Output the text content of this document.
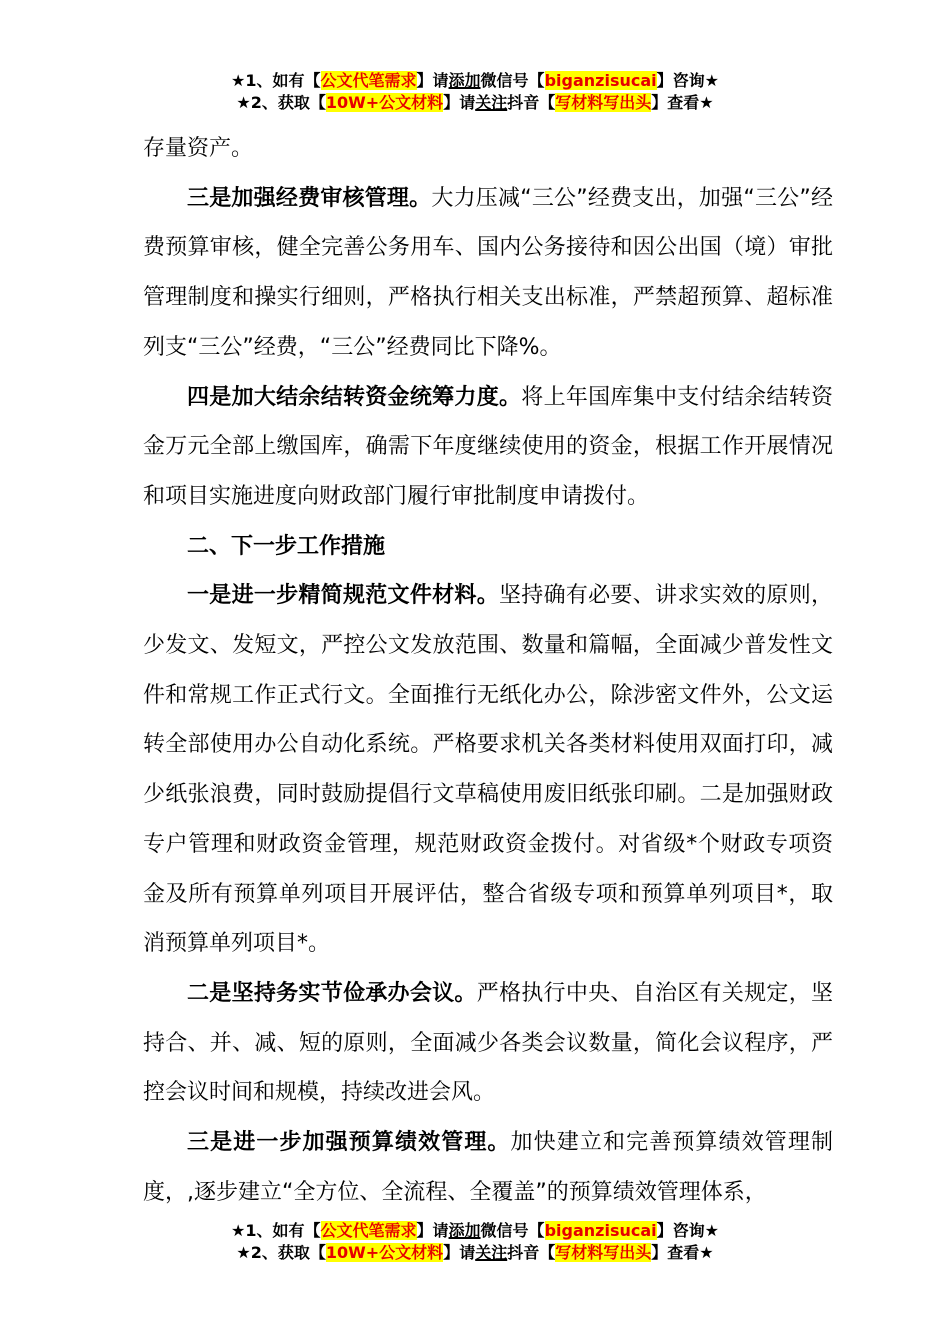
★1、如有【公文代笔需求】请添加微信号【biganzisucai】咨询★
★2、获取【10W+公文材料】请关注抖音【写材料写出头】查看★

存量资产。

三是加强经费审核管理。大力压减“三公”经费支出，加强“三公”经费预算审核，健全完善公务用车、国内公务接待和因公出国（境）审批管理制度和操实行细则，严格执行相关支出标准，严禁超预算、超标准列支“三公”经费，“三公”经费同比下降%。

四是加大结余结转资金统筹力度。将上年国库集中支付结余结转资金万元全部上缴国库，确需下年度继续使用的资金，根据工作开展情况和项目实施进度向财政部门履行审批制度申请拨付。

二、下一步工作措施

一是进一步精简规范文件材料。坚持确有必要、讲求实效的原则，少发文、发短文，严控公文发放范围、数量和篇幅，全面减少普发性文件和常规工作正式行文。全面推行无纸化办公，除涉密文件外，公文运转全部使用办公自动化系统。严格要求机关各类材料使用双面打印，减少纸张浪费，同时鼓励提倡行文草稿使用废旧纸张印刷。二是加强财政专户管理和财政资金管理，规范财政资金拨付。对省级*个财政专项资金及所有预算单列项目开展评估，整合省级专项和预算单列项目*，取消预算单列项目*。

二是坚持务实节俭承办会议。严格执行中央、自治区有关规定，坚持合、并、减、短的原则，全面减少各类会议数量，简化会议程序，严控会议时间和规模，持续改进会风。

三是进一步加强预算绩效管理。加快建立和完善预算绩效管理制度，,逐步建立“全方位、全流程、全覆盖”的预算绩效管理体系，

★1、如有【公文代笔需求】请添加微信号【biganzisucai】咨询★
★2、获取【10W+公文材料】请关注抖音【写材料写出头】查看★
